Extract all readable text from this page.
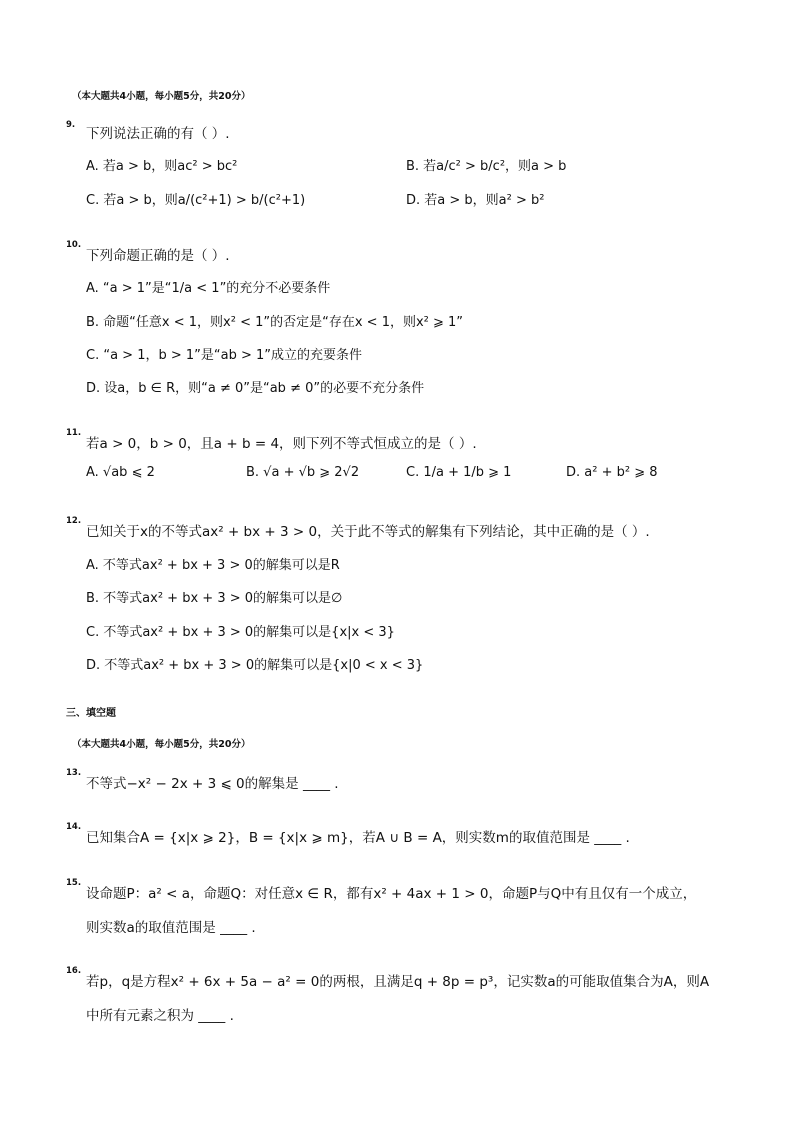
（本大题共4小题，每小题5分，共20分）
9.
下列说法正确的有（ ）.
A. 若a > b，则ac² > bc²	B. 若a/c² > b/c²，则a > b
C. 若a > b，则a/(c²+1) > b/(c²+1)	D. 若a > b，则a² > b²
10.
下列命题正确的是（ ）.
A. “a > 1”是“1/a < 1”的充分不必要条件
B. 命题“任意x < 1，则x² < 1”的否定是“存在x < 1，则x² ⩾ 1”
C. “a > 1，b > 1”是“ab > 1”成立的充要条件
D. 设a，b ∈ R，则“a ≠ 0”是“ab ≠ 0”的必要不充分条件
11.
若a > 0，b > 0，且a + b = 4，则下列不等式恒成立的是（ ）.
A. √ab ⩽ 2	B. √a + √b ⩾ 2√2	C. 1/a + 1/b ⩾ 1	D. a² + b² ⩾ 8
12.
已知关于x的不等式ax² + bx + 3 > 0，关于此不等式的解集有下列结论，其中正确的是（ ）.
A. 不等式ax² + bx + 3 > 0的解集可以是R
B. 不等式ax² + bx + 3 > 0的解集可以是∅
C. 不等式ax² + bx + 3 > 0的解集可以是{x|x < 3}
D. 不等式ax² + bx + 3 > 0的解集可以是{x|0 < x < 3}
三、填空题
（本大题共4小题，每小题5分，共20分）
13.
不等式−x² − 2x + 3 ⩽ 0的解集是 ____ .
14.
已知集合A = {x|x ⩾ 2}，B = {x|x ⩾ m}，若A ∪ B = A，则实数m的取值范围是 ____ .
15.
设命题P：a² < a，命题Q：对任意x ∈ R，都有x² + 4ax + 1 > 0，命题P与Q中有且仅有一个成立，
则实数a的取值范围是 ____ .
16.
若p，q是方程x² + 6x + 5a − a² = 0的两根，且满足q + 8p = p³，记实数a的可能取值集合为A，则A
中所有元素之积为 ____ .
